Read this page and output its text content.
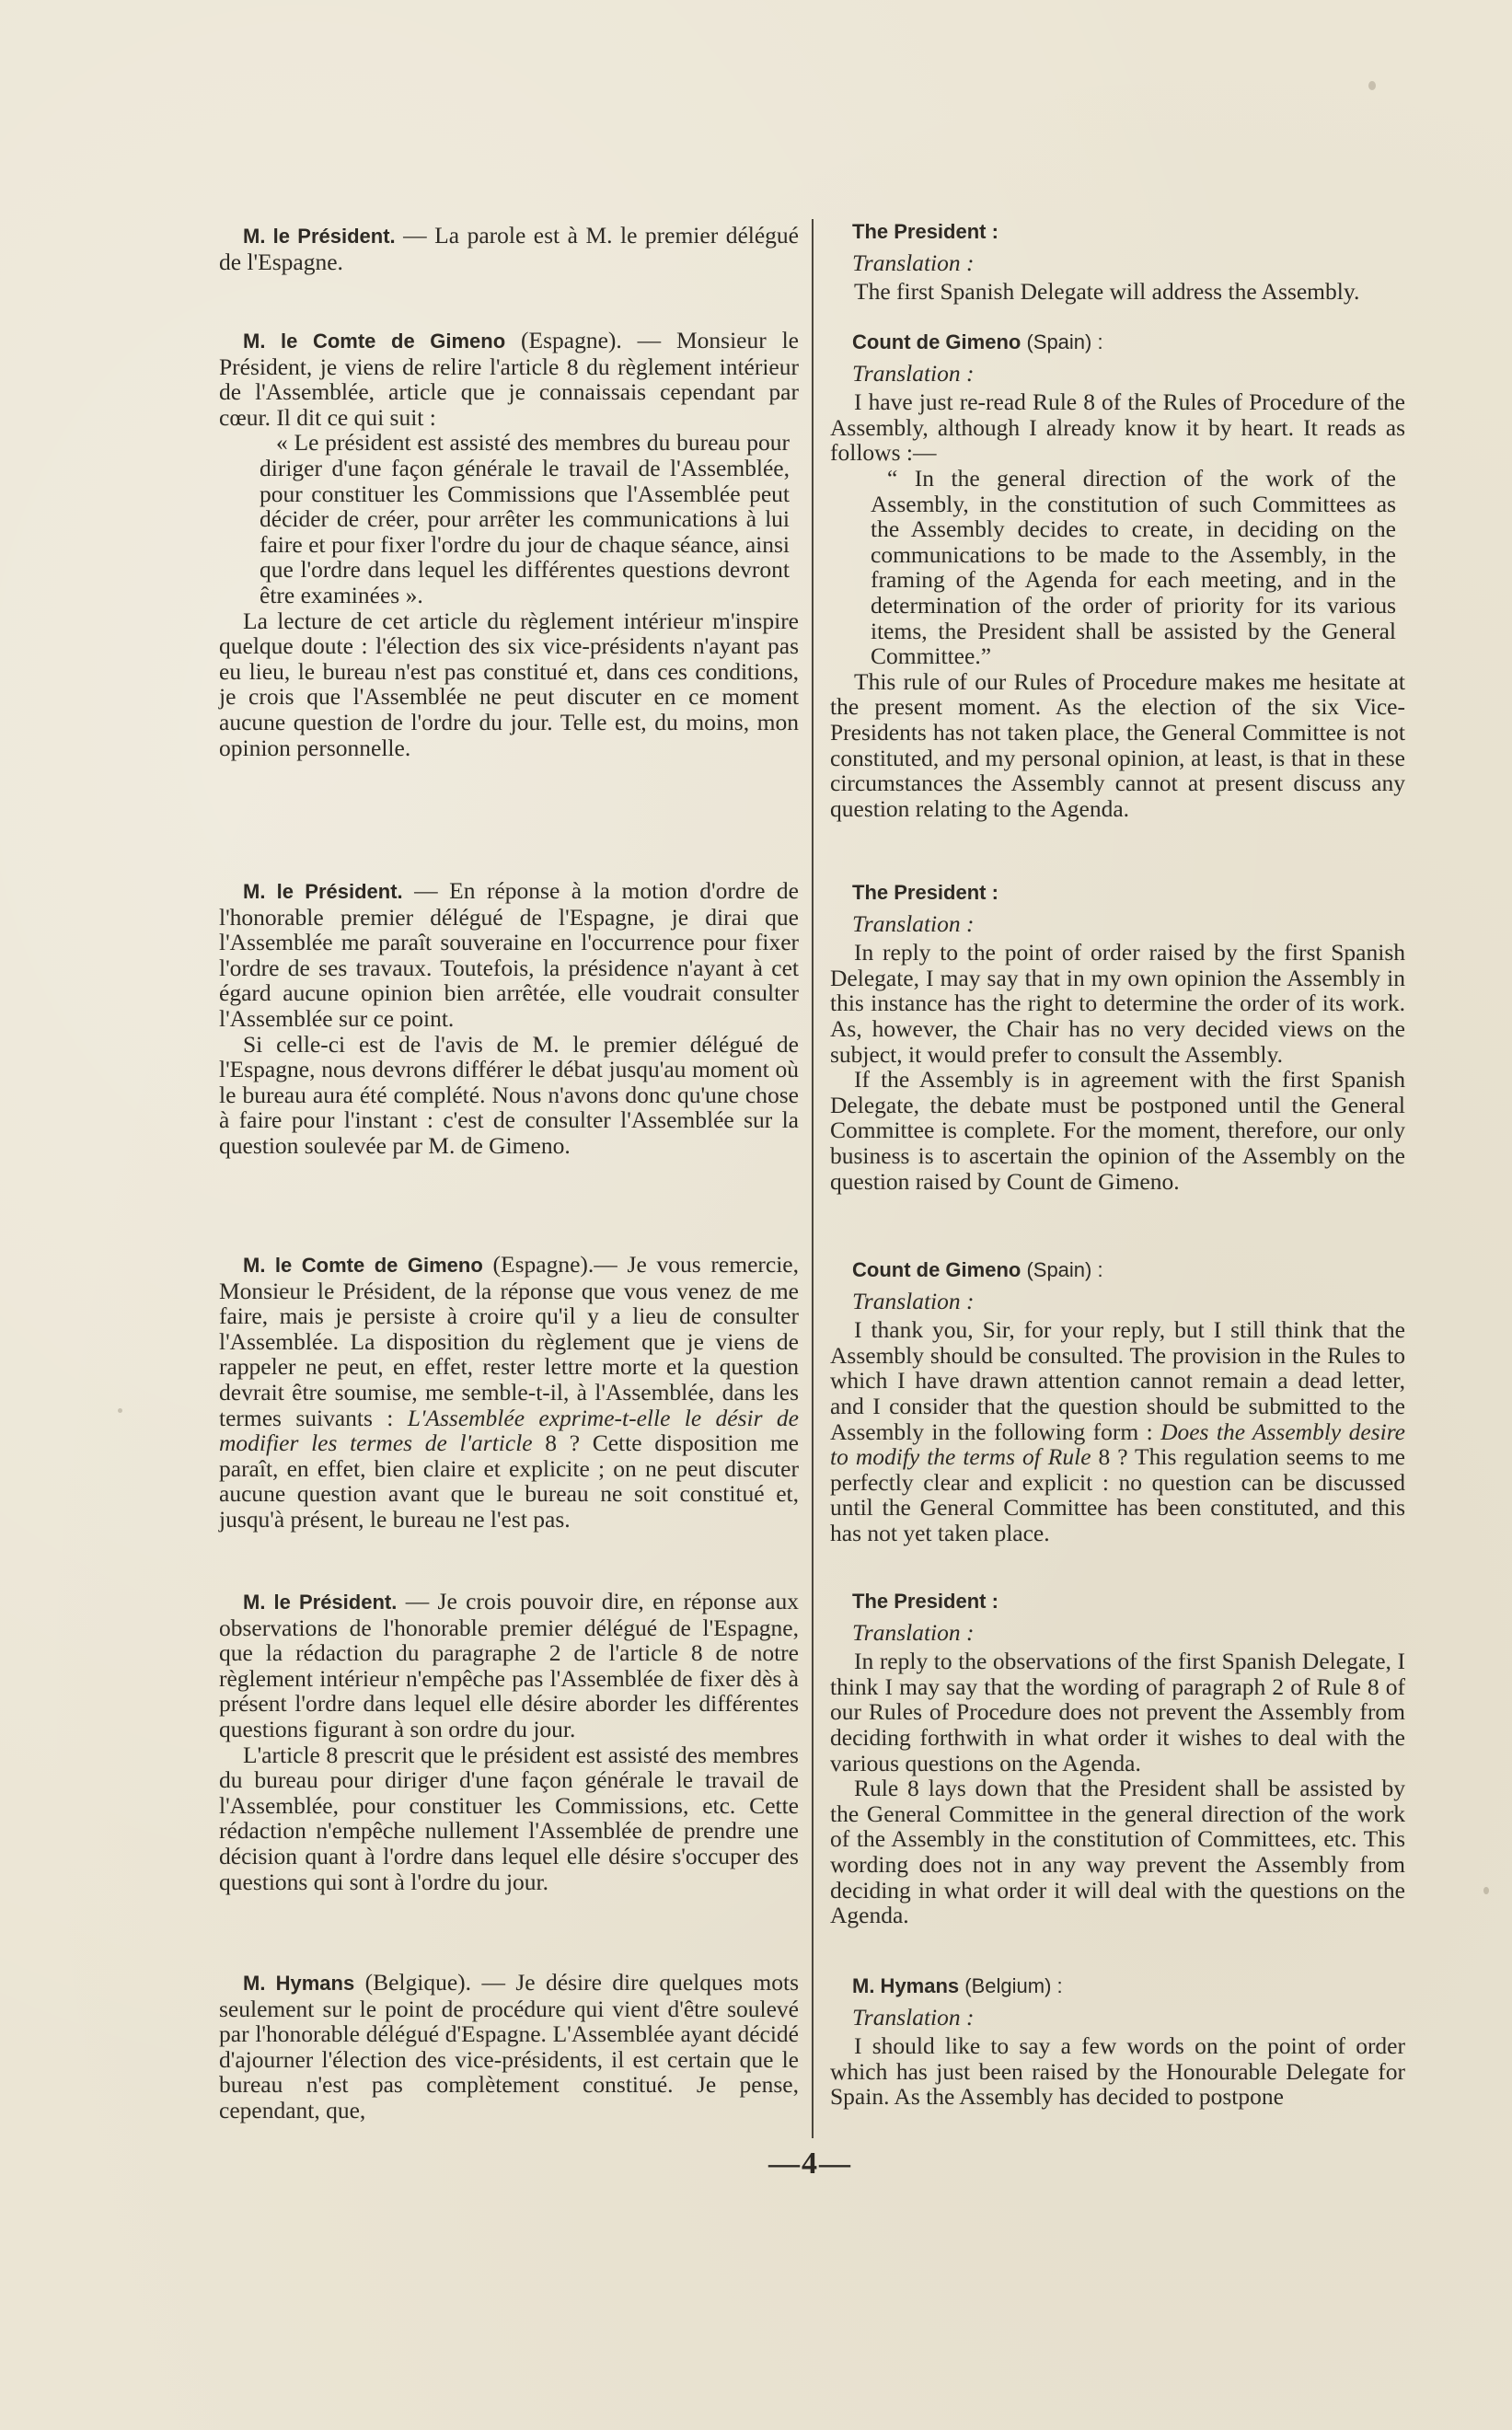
M. le Président. — La parole est à M. le premier délégué de l'Espagne.

M. le Comte de Gimeno (Espagne). — Monsieur le Président, je viens de relire l'article 8 du règlement intérieur de l'Assemblée, article que je connaissais cependant par cœur. Il dit ce qui suit :

« Le président est assisté des membres du bureau pour diriger d'une façon générale le travail de l'Assemblée, pour constituer les Commissions que l'Assemblée peut décider de créer, pour arrêter les communications à lui faire et pour fixer l'ordre du jour de chaque séance, ainsi que l'ordre dans lequel les différentes questions devront être examinées ».

La lecture de cet article du règlement intérieur m'inspire quelque doute : l'élection des six vice-présidents n'ayant pas eu lieu, le bureau n'est pas constitué et, dans ces conditions, je crois que l'Assemblée ne peut discuter en ce moment aucune question de l'ordre du jour. Telle est, du moins, mon opinion personnelle.

M. le Président. — En réponse à la motion d'ordre de l'honorable premier délégué de l'Espagne, je dirai que l'Assemblée me paraît souveraine en l'occurrence pour fixer l'ordre de ses travaux. Toutefois, la présidence n'ayant à cet égard aucune opinion bien arrêtée, elle voudrait consulter l'Assemblée sur ce point.

Si celle-ci est de l'avis de M. le premier délégué de l'Espagne, nous devrons différer le débat jusqu'au moment où le bureau aura été complété. Nous n'avons donc qu'une chose à faire pour l'instant : c'est de consulter l'Assemblée sur la question soulevée par M. de Gimeno.

M. le Comte de Gimeno (Espagne).— Je vous remercie, Monsieur le Président, de la réponse que vous venez de me faire, mais je persiste à croire qu'il y a lieu de consulter l'Assemblée. La disposition du règlement que je viens de rappeler ne peut, en effet, rester lettre morte et la question devrait être soumise, me semble-t-il, à l'Assemblée, dans les termes suivants : L'Assemblée exprime-t-elle le désir de modifier les termes de l'article 8 ? Cette disposition me paraît, en effet, bien claire et explicite ; on ne peut discuter aucune question avant que le bureau ne soit constitué et, jusqu'à présent, le bureau ne l'est pas.

M. le Président. — Je crois pouvoir dire, en réponse aux observations de l'honorable premier délégué de l'Espagne, que la rédaction du paragraphe 2 de l'article 8 de notre règlement intérieur n'empêche pas l'Assemblée de fixer dès à présent l'ordre dans lequel elle désire aborder les différentes questions figurant à son ordre du jour.

L'article 8 prescrit que le président est assisté des membres du bureau pour diriger d'une façon générale le travail de l'Assemblée, pour constituer les Commissions, etc. Cette rédaction n'empêche nullement l'Assemblée de prendre une décision quant à l'ordre dans lequel elle désire s'occuper des questions qui sont à l'ordre du jour.

M. Hymans (Belgique). — Je désire dire quelques mots seulement sur le point de procédure qui vient d'être soulevé par l'honorable délégué d'Espagne. L'Assemblée ayant décidé d'ajourner l'élection des vice-présidents, il est certain que le bureau n'est pas complètement constitué. Je pense, cependant, que,

The President :

Translation :

The first Spanish Delegate will address the Assembly.

Count de Gimeno (Spain) :

Translation :

I have just re-read Rule 8 of the Rules of Procedure of the Assembly, although I already know it by heart. It reads as follows :—

“ In the general direction of the work of the Assembly, in the constitution of such Committees as the Assembly decides to create, in deciding on the communications to be made to the Assembly, in the framing of the Agenda for each meeting, and in the determination of the order of priority for its various items, the President shall be assisted by the General Committee.”

This rule of our Rules of Procedure makes me hesitate at the present moment. As the election of the six Vice-Presidents has not taken place, the General Committee is not constituted, and my personal opinion, at least, is that in these circumstances the Assembly cannot at present discuss any question relating to the Agenda.

The President :

Translation :

In reply to the point of order raised by the first Spanish Delegate, I may say that in my own opinion the Assembly in this instance has the right to determine the order of its work. As, however, the Chair has no very decided views on the subject, it would prefer to consult the Assembly.

If the Assembly is in agreement with the first Spanish Delegate, the debate must be postponed until the General Committee is complete. For the moment, therefore, our only business is to ascertain the opinion of the Assembly on the question raised by Count de Gimeno.

Count de Gimeno (Spain) :

Translation :

I thank you, Sir, for your reply, but I still think that the Assembly should be consulted. The provision in the Rules to which I have drawn attention cannot remain a dead letter, and I consider that the question should be submitted to the Assembly in the following form : Does the Assembly desire to modify the terms of Rule 8 ? This regulation seems to me perfectly clear and explicit : no question can be discussed until the General Committee has been constituted, and this has not yet taken place.

The President :

Translation :

In reply to the observations of the first Spanish Delegate, I think I may say that the wording of paragraph 2 of Rule 8 of our Rules of Procedure does not prevent the Assembly from deciding forthwith in what order it wishes to deal with the various questions on the Agenda.

Rule 8 lays down that the President shall be assisted by the General Committee in the general direction of the work of the Assembly in the constitution of Committees, etc. This wording does not in any way prevent the Assembly from deciding in what order it will deal with the questions on the Agenda.

M. Hymans (Belgium) :

Translation :

I should like to say a few words on the point of order which has just been raised by the Honourable Delegate for Spain. As the Assembly has decided to postpone

—4—
